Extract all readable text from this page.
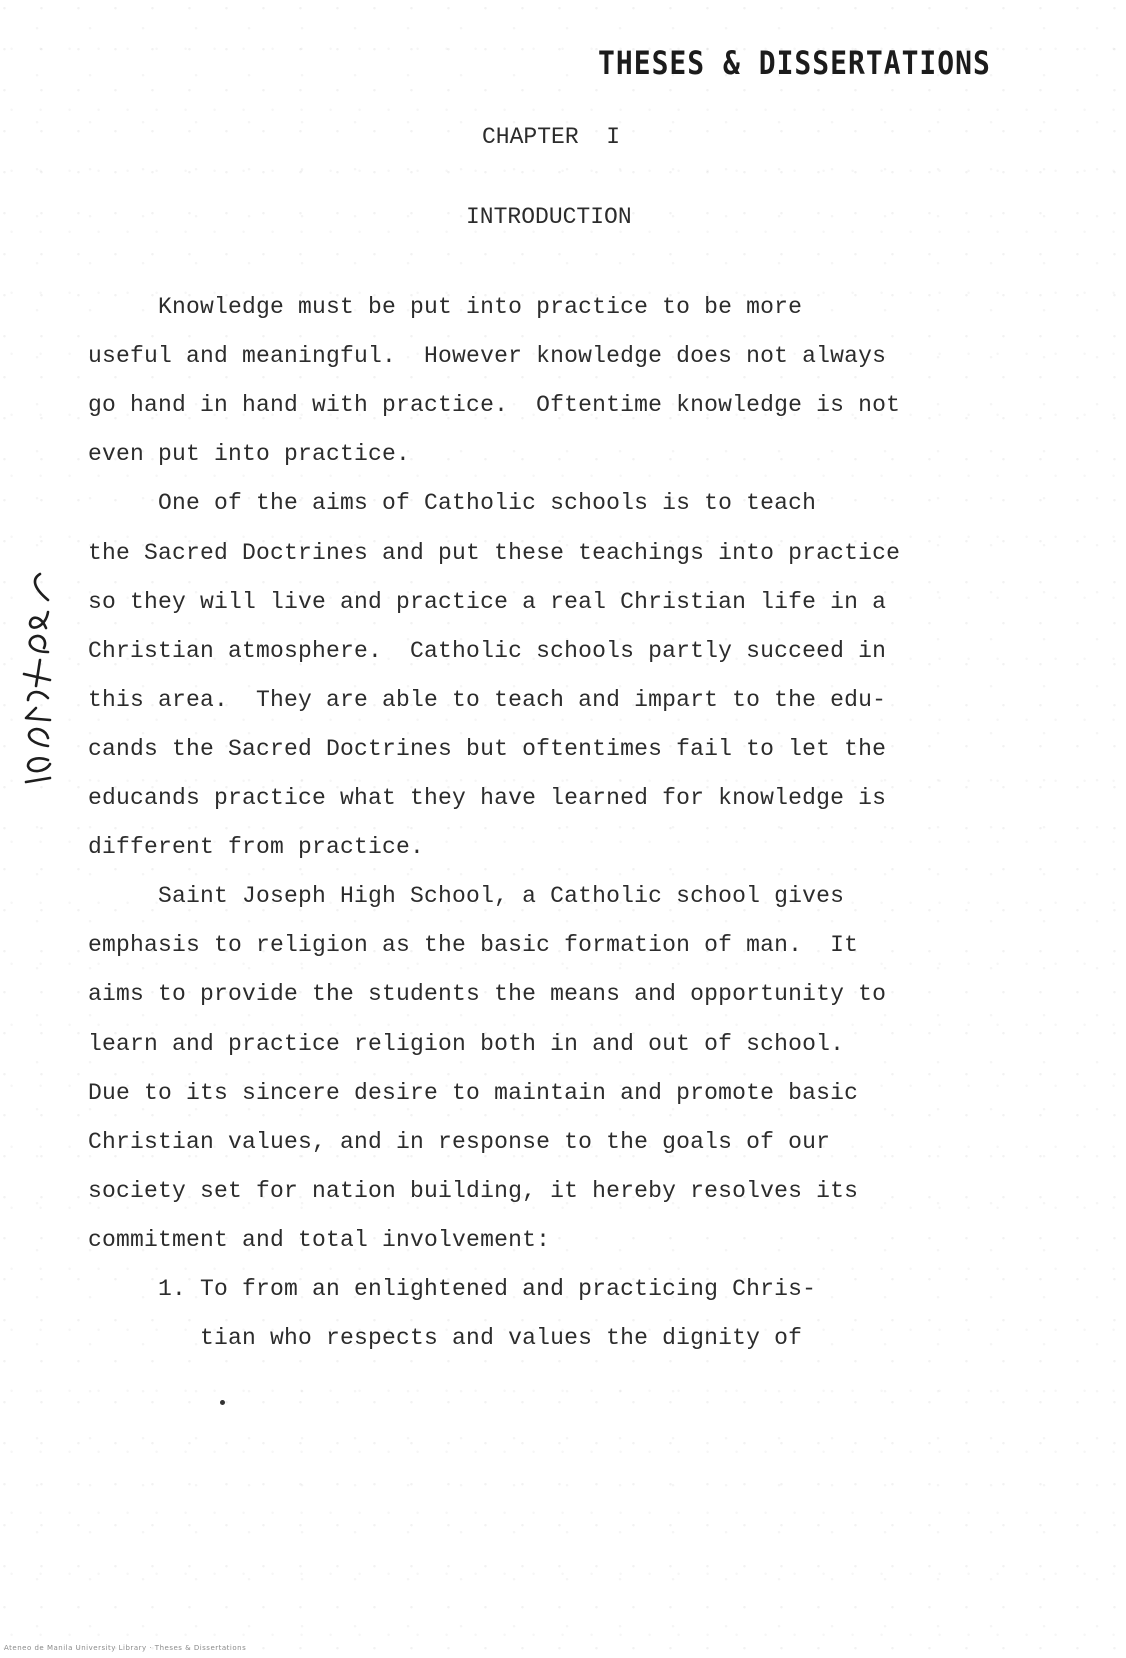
THESES & DISSERTATIONS
CHAPTER  I
INTRODUCTION
Knowledge must be put into practice to be more
useful and meaningful.  However knowledge does not always
go hand in hand with practice.  Oftentime knowledge is not
even put into practice.
One of the aims of Catholic schools is to teach
the Sacred Doctrines and put these teachings into practice
so they will live and practice a real Christian life in a
Christian atmosphere.  Catholic schools partly succeed in
this area.  They are able to teach and impart to the edu-
cands the Sacred Doctrines but oftentimes fail to let the
educands practice what they have learned for knowledge is
different from practice.
Saint Joseph High School, a Catholic school gives
emphasis to religion as the basic formation of man.  It
aims to provide the students the means and opportunity to
learn and practice religion both in and out of school.
Due to its sincere desire to maintain and promote basic
Christian values, and in response to the goals of our
society set for nation building, it hereby resolves its
commitment and total involvement:
1. To from an enlightened and practicing Chris-
tian who respects and values the dignity of
Ateneo de Manila University Library · Theses & Dissertations
